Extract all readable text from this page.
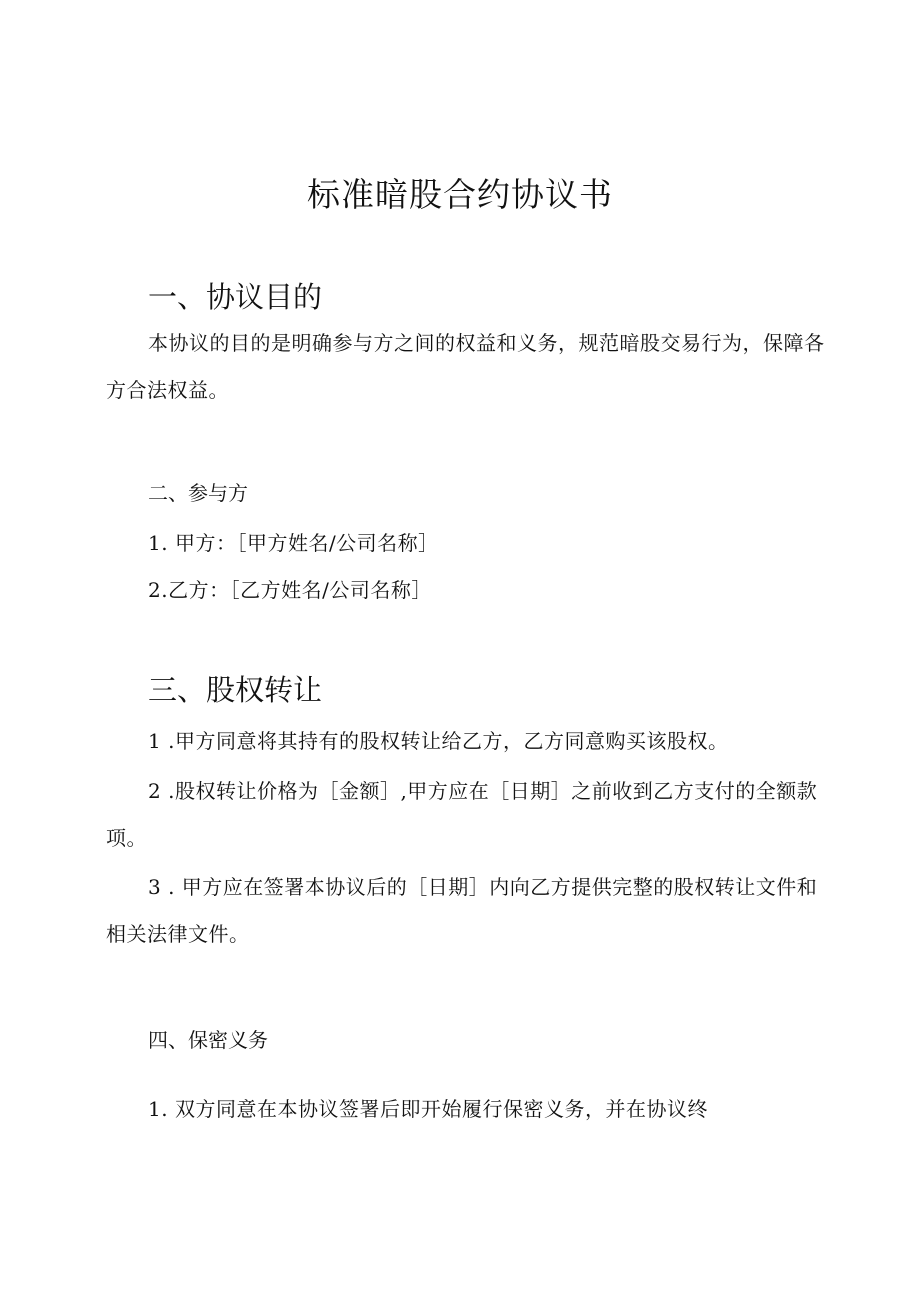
标准暗股合约协议书
一、协议目的

本协议的目的是明确参与方之间的权益和义务，规范暗股交易行为，保障各方合法权益。

二、参与方

1. 甲方：［甲方姓名/公司名称］

2.乙方：［乙方姓名/公司名称］

三、股权转让

1 .甲方同意将其持有的股权转让给乙方，乙方同意购买该股权。

2 .股权转让价格为［金额］,甲方应在［日期］之前收到乙方支付的全额款项。

3 . 甲方应在签署本协议后的［日期］内向乙方提供完整的股权转让文件和相关法律文件。

四、保密义务

1. 双方同意在本协议签署后即开始履行保密义务，并在协议终
